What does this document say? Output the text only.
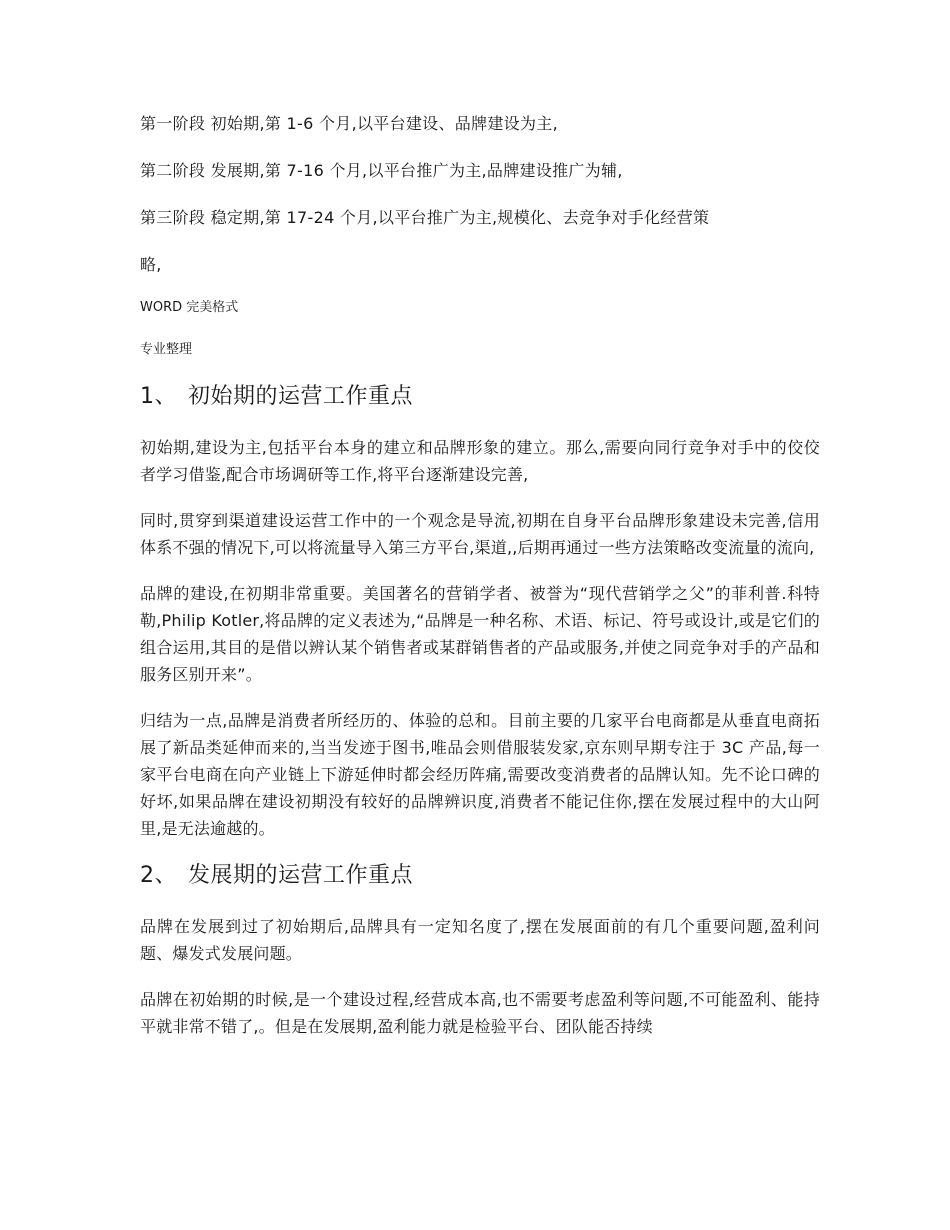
第一阶段 初始期,第 1-6 个月,以平台建设、品牌建设为主,

第二阶段 发展期,第 7-16 个月,以平台推广为主,品牌建设推广为辅,

第三阶段 稳定期,第 17-24 个月,以平台推广为主,规模化、去竞争对手化经营策

略,

WORD 完美格式

专业整理

1、 初始期的运营工作重点

初始期,建设为主,包括平台本身的建立和品牌形象的建立。那么,需要向同行竞争对手中的佼佼者学习借鉴,配合市场调研等工作,将平台逐渐建设完善,

同时,贯穿到渠道建设运营工作中的一个观念是导流,初期在自身平台品牌形象建设未完善,信用体系不强的情况下,可以将流量导入第三方平台,渠道,,后期再通过一些方法策略改变流量的流向,

品牌的建设,在初期非常重要。美国著名的营销学者、被誉为“现代营销学之父”的菲利普.科特勒,Philip Kotler,将品牌的定义表述为,“品牌是一种名称、术语、标记、符号或设计,或是它们的组合运用,其目的是借以辨认某个销售者或某群销售者的产品或服务,并使之同竞争对手的产品和服务区别开来”。

归结为一点,品牌是消费者所经历的、体验的总和。目前主要的几家平台电商都是从垂直电商拓展了新品类延伸而来的,当当发迹于图书,唯品会则借服装发家,京东则早期专注于 3C 产品,每一家平台电商在向产业链上下游延伸时都会经历阵痛,需要改变消费者的品牌认知。先不论口碑的好坏,如果品牌在建设初期没有较好的品牌辨识度,消费者不能记住你,摆在发展过程中的大山阿里,是无法逾越的。

2、 发展期的运营工作重点

品牌在发展到过了初始期后,品牌具有一定知名度了,摆在发展面前的有几个重要问题,盈利问题、爆发式发展问题。

品牌在初始期的时候,是一个建设过程,经营成本高,也不需要考虑盈利等问题,不可能盈利、能持平就非常不错了,。但是在发展期,盈利能力就是检验平台、团队能否持续
